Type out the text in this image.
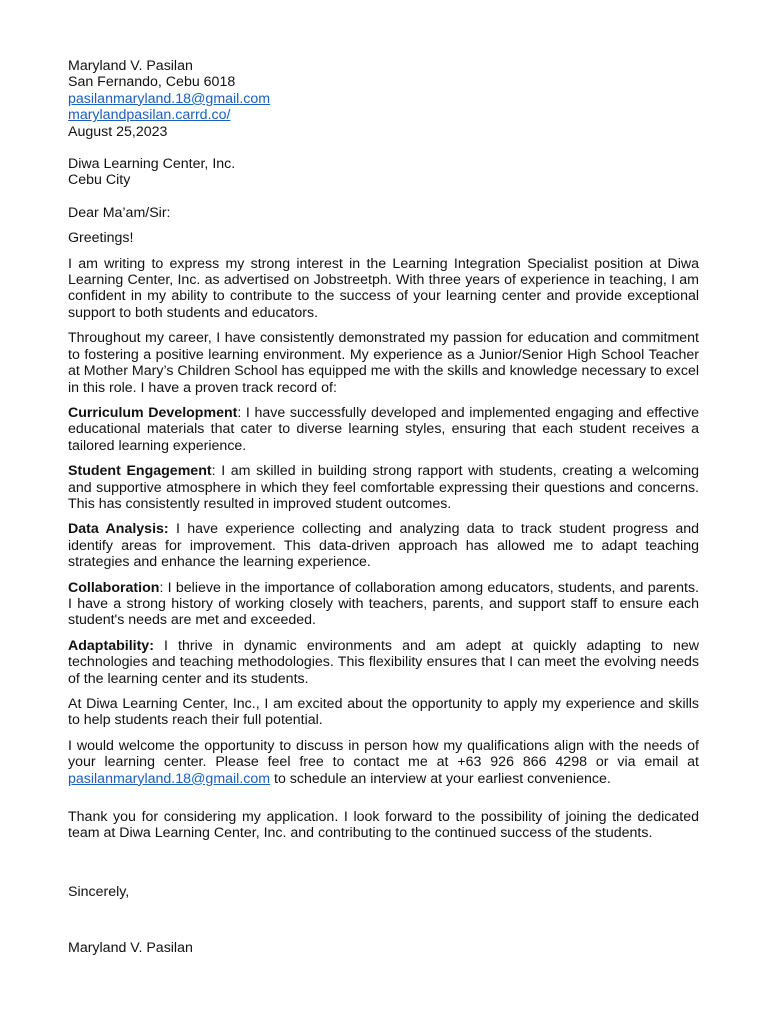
Maryland V. Pasilan
San Fernando, Cebu 6018
pasilanmaryland.18@gmail.com
marylandpasilan.carrd.co/
August 25,2023
Diwa Learning Center, Inc.
Cebu City

Dear Ma’am/Sir:

Greetings!

I am writing to express my strong interest in the Learning Integration Specialist position at Diwa Learning Center, Inc. as advertised on Jobstreetph. With three years of experience in teaching, I am confident in my ability to contribute to the success of your learning center and provide exceptional support to both students and educators.

Throughout my career, I have consistently demonstrated my passion for education and commitment to fostering a positive learning environment. My experience as a Junior/Senior High School Teacher at Mother Mary’s Children School has equipped me with the skills and knowledge necessary to excel in this role. I have a proven track record of:

Curriculum Development: I have successfully developed and implemented engaging and effective educational materials that cater to diverse learning styles, ensuring that each student receives a tailored learning experience.

Student Engagement: I am skilled in building strong rapport with students, creating a welcoming and supportive atmosphere in which they feel comfortable expressing their questions and concerns. This has consistently resulted in improved student outcomes.

Data Analysis: I have experience collecting and analyzing data to track student progress and identify areas for improvement. This data-driven approach has allowed me to adapt teaching strategies and enhance the learning experience.

Collaboration: I believe in the importance of collaboration among educators, students, and parents. I have a strong history of working closely with teachers, parents, and support staff to ensure each student's needs are met and exceeded.

Adaptability: I thrive in dynamic environments and am adept at quickly adapting to new technologies and teaching methodologies. This flexibility ensures that I can meet the evolving needs of the learning center and its students.

At Diwa Learning Center, Inc., I am excited about the opportunity to apply my experience and skills to help students reach their full potential.

I would welcome the opportunity to discuss in person how my qualifications align with the needs of your learning center. Please feel free to contact me at +63 926 866 4298 or via email at pasilanmaryland.18@gmail.com to schedule an interview at your earliest convenience.

Thank you for considering my application. I look forward to the possibility of joining the dedicated team at Diwa Learning Center, Inc. and contributing to the continued success of the students.

Sincerely,
Maryland V. Pasilan
